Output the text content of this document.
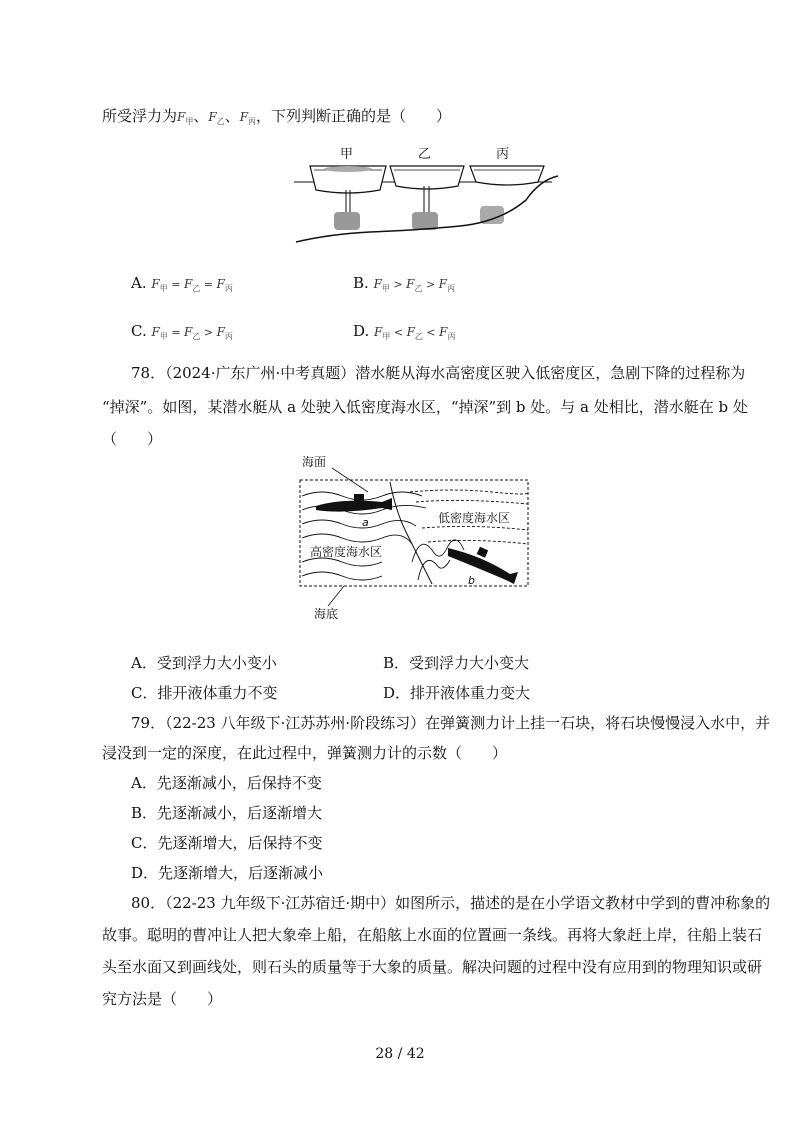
所受浮力为$F_甲$、$F_乙$、$F_丙$，下列判断正确的是（　　）
甲	乙	丙
A. $F_甲 = F_乙 = F_丙$	B. $F_甲 > F_乙 > F_丙$
C. $F_甲 = F_乙 > F_丙$	D. $F_甲 < F_乙 < F_丙$
78．（2024·广东广州·中考真题）潜水艇从海水高密度区驶入低密度区，急剧下降的过程称为
“掉深”。如图，某潜水艇从 a 处驶入低密度海水区，“掉深”到 b 处。与 a 处相比，潜水艇在 b 处
（　　）
a
b
海面
低密度海水区
高密度海水区
海底
A．受到浮力大小变小	B．受到浮力大小变大
C．排开液体重力不变	D．排开液体重力变大
79．（22-23 八年级下·江苏苏州·阶段练习）在弹簧测力计上挂一石块，将石块慢慢浸入水中，并
浸没到一定的深度，在此过程中，弹簧测力计的示数（　　）
A．先逐渐减小，后保持不变
B．先逐渐减小，后逐渐增大
C．先逐渐增大，后保持不变
D．先逐渐增大，后逐渐减小
80．（22-23 九年级下·江苏宿迁·期中）如图所示，描述的是在小学语文教材中学到的曹冲称象的
故事。聪明的曹冲让人把大象牵上船，在船舷上水面的位置画一条线。再将大象赶上岸，往船上装石
头至水面又到画线处，则石头的质量等于大象的质量。解决问题的过程中没有应用到的物理知识或研
究方法是（　　）
28 / 42
